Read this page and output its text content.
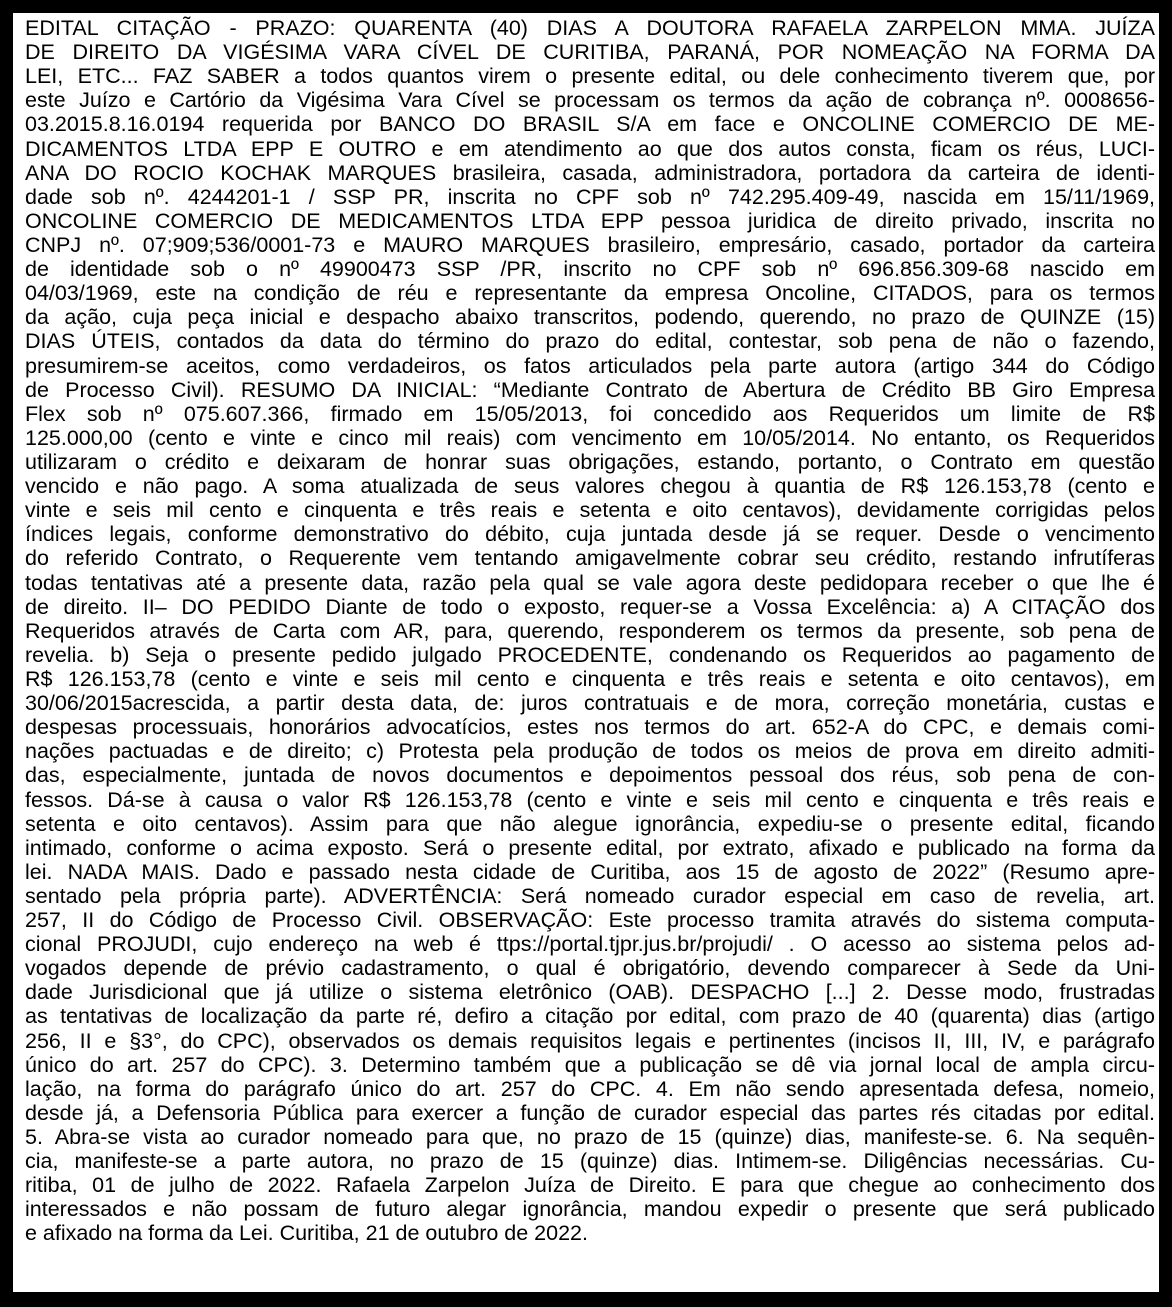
EDITAL CITAÇÃO - PRAZO: QUARENTA (40) DIAS A DOUTORA RAFAELA ZARPELON MMA. JUÍZA
DE DIREITO DA VIGÉSIMA VARA CÍVEL DE CURITIBA, PARANÁ, POR NOMEAÇÃO NA FORMA DA
LEI, ETC... FAZ SABER a todos quantos virem o presente edital, ou dele conhecimento tiverem que, por
este Juízo e Cartório da Vigésima Vara Cível se processam os termos da ação de cobrança nº. 0008656-
03.2015.8.16.0194 requerida por BANCO DO BRASIL S/A em face e ONCOLINE COMERCIO DE ME-
DICAMENTOS LTDA EPP E OUTRO e em atendimento ao que dos autos consta, ficam os réus, LUCI-
ANA DO ROCIO KOCHAK MARQUES brasileira, casada, administradora, portadora da carteira de identi-
dade sob nº. 4244201-1 / SSP PR, inscrita no CPF sob nº 742.295.409-49, nascida em 15/11/1969,
ONCOLINE COMERCIO DE MEDICAMENTOS LTDA EPP pessoa juridica de direito privado, inscrita no
CNPJ nº. 07;909;536/0001-73 e MAURO MARQUES brasileiro, empresário, casado, portador da carteira
de identidade sob o nº 49900473 SSP /PR, inscrito no CPF sob nº 696.856.309-68 nascido em
04/03/1969, este na condição de réu e representante da empresa Oncoline, CITADOS, para os termos
da ação, cuja peça inicial e despacho abaixo transcritos, podendo, querendo, no prazo de QUINZE (15)
DIAS ÚTEIS, contados da data do término do prazo do edital, contestar, sob pena de não o fazendo,
presumirem-se aceitos, como verdadeiros, os fatos articulados pela parte autora (artigo 344 do Código
de Processo Civil). RESUMO DA INICIAL: “Mediante Contrato de Abertura de Crédito BB Giro Empresa
Flex sob nº 075.607.366, firmado em 15/05/2013, foi concedido aos Requeridos um limite de R$
125.000,00 (cento e vinte e cinco mil reais) com vencimento em 10/05/2014. No entanto, os Requeridos
utilizaram o crédito e deixaram de honrar suas obrigações, estando, portanto, o Contrato em questão
vencido e não pago. A soma atualizada de seus valores chegou à quantia de R$ 126.153,78 (cento e
vinte e seis mil cento e cinquenta e três reais e setenta e oito centavos), devidamente corrigidas pelos
índices legais, conforme demonstrativo do débito, cuja juntada desde já se requer. Desde o vencimento
do referido Contrato, o Requerente vem tentando amigavelmente cobrar seu crédito, restando infrutíferas
todas tentativas até a presente data, razão pela qual se vale agora deste pedidopara receber o que lhe é
de direito. II– DO PEDIDO Diante de todo o exposto, requer-se a Vossa Excelência: a) A CITAÇÃO dos
Requeridos através de Carta com AR, para, querendo, responderem os termos da presente, sob pena de
revelia. b) Seja o presente pedido julgado PROCEDENTE, condenando os Requeridos ao pagamento de
R$ 126.153,78 (cento e vinte e seis mil cento e cinquenta e três reais e setenta e oito centavos), em
30/06/2015acrescida, a partir desta data, de: juros contratuais e de mora, correção monetária, custas e
despesas processuais, honorários advocatícios, estes nos termos do art. 652-A do CPC, e demais comi-
nações pactuadas e de direito; c) Protesta pela produção de todos os meios de prova em direito admiti-
das, especialmente, juntada de novos documentos e depoimentos pessoal dos réus, sob pena de con-
fessos. Dá-se à causa o valor R$ 126.153,78 (cento e vinte e seis mil cento e cinquenta e três reais e
setenta e oito centavos). Assim para que não alegue ignorância, expediu-se o presente edital, ficando
intimado, conforme o acima exposto. Será o presente edital, por extrato, afixado e publicado na forma da
lei. NADA MAIS. Dado e passado nesta cidade de Curitiba, aos 15 de agosto de 2022” (Resumo apre-
sentado pela própria parte). ADVERTÊNCIA: Será nomeado curador especial em caso de revelia, art.
257, II do Código de Processo Civil. OBSERVAÇÃO: Este processo tramita através do sistema computa-
cional PROJUDI, cujo endereço na web é ttps://portal.tjpr.jus.br/projudi/ . O acesso ao sistema pelos ad-
vogados depende de prévio cadastramento, o qual é obrigatório, devendo comparecer à Sede da Uni-
dade Jurisdicional que já utilize o sistema eletrônico (OAB). DESPACHO [...] 2. Desse modo, frustradas
as tentativas de localização da parte ré, defiro a citação por edital, com prazo de 40 (quarenta) dias (artigo
256, II e §3°, do CPC), observados os demais requisitos legais e pertinentes (incisos II, III, IV, e parágrafo
único do art. 257 do CPC). 3. Determino também que a publicação se dê via jornal local de ampla circu-
lação, na forma do parágrafo único do art. 257 do CPC. 4. Em não sendo apresentada defesa, nomeio,
desde já, a Defensoria Pública para exercer a função de curador especial das partes rés citadas por edital.
5. Abra-se vista ao curador nomeado para que, no prazo de 15 (quinze) dias, manifeste-se. 6. Na sequên-
cia, manifeste-se a parte autora, no prazo de 15 (quinze) dias. Intimem-se. Diligências necessárias. Cu-
ritiba, 01 de julho de 2022. Rafaela Zarpelon Juíza de Direito. E para que chegue ao conhecimento dos
interessados e não possam de futuro alegar ignorância, mandou expedir o presente que será publicado
e afixado na forma da Lei. Curitiba, 21 de outubro de 2022.
